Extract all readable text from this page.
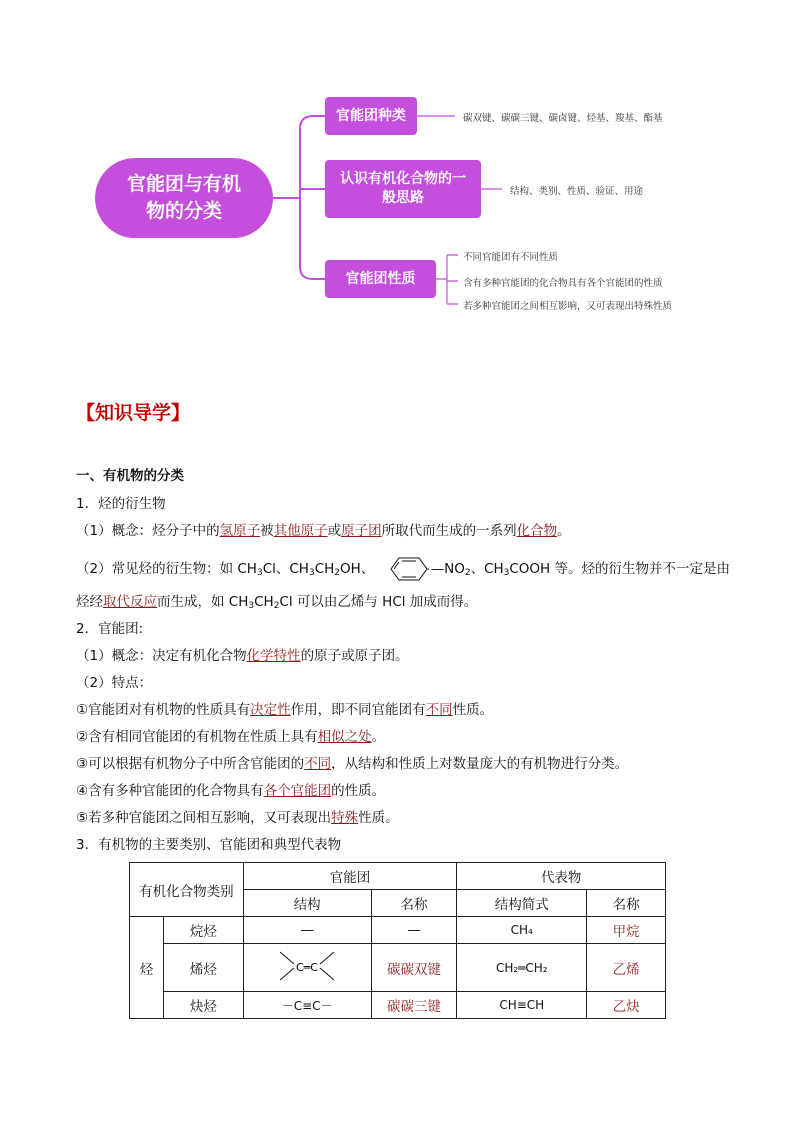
官能团与有机物的分类
官能团种类
认识有机化合物的一般思路
官能团性质
碳双键、碳碳三键、碳卤键、烃基、羧基、酯基
结构、类别、性质、验证、用途
不同官能团有不同性质
含有多种官能团的化合物具有各个官能团的性质
若多种官能团之间相互影响，又可表现出特殊性质
【知识导学】
一、有机物的分类
1．烃的衍生物
（1）概念：烃分子中的氢原子被其他原子或原子团所取代而生成的一系列化合物。
（2）常见烃的衍生物：如 $CH_3Cl$、$CH_3CH_2OH$、	$—NO_2$、$CH_3COOH$ 等。烃的衍生物并不一定是由
烃经取代反应而生成，如 $CH_3CH_2Cl$ 可以由乙烯与 HCl 加成而得。
2．官能团:
（1）概念：决定有机化合物化学特性的原子或原子团。
（2）特点：
①官能团对有机物的性质具有决定性作用，即不同官能团有不同性质。
②含有相同官能团的有机物在性质上具有相似之处。
③可以根据有机物分子中所含官能团的不同，从结构和性质上对数量庞大的有机物进行分类。
④含有多种官能团的化合物具有各个官能团的性质。
⑤若多种官能团之间相互影响，又可表现出特殊性质。
3．有机物的主要类别、官能团和典型代表物
有机化合物类别		官能团		代表物	
		结构	名称	结构简式	名称
烃	烷烃	—	—	CH₄	甲烷
	烯烃	C═C	碳碳双键	CH₂═CH₂	乙烯
	炔烃	－C≡C－	碳碳三键	CH≡CH	乙炔
